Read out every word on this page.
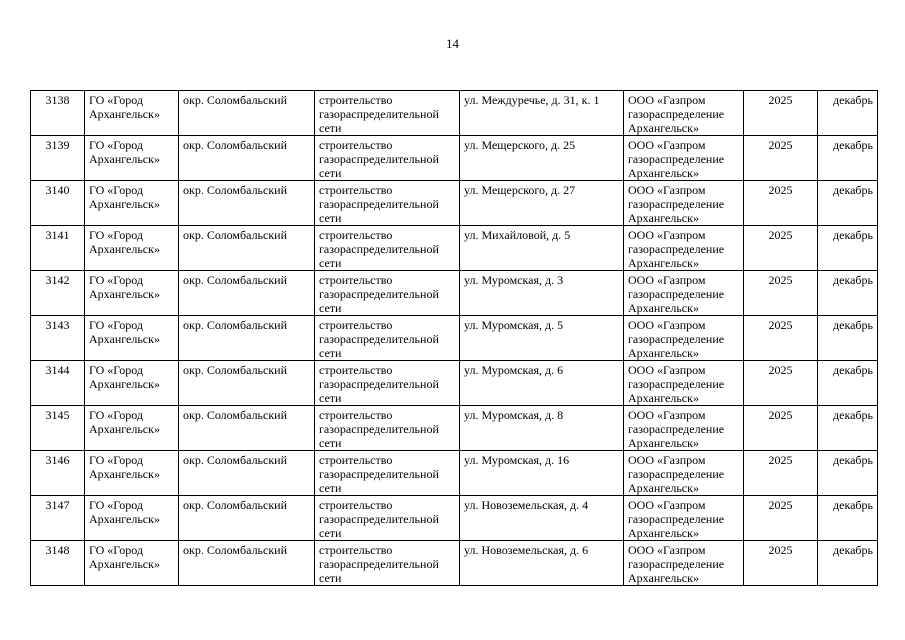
14
3138	ГО «Город Архангельск»	окр. Соломбальский	строительство газораспределительной сети	ул. Междуречье, д. 31, к. 1	ООО «Газпром газораспределение Архангельск»	2025	декабрь
3139	ГО «Город Архангельск»	окр. Соломбальский	строительство газораспределительной сети	ул. Мещерского, д. 25	ООО «Газпром газораспределение Архангельск»	2025	декабрь
3140	ГО «Город Архангельск»	окр. Соломбальский	строительство газораспределительной сети	ул. Мещерского, д. 27	ООО «Газпром газораспределение Архангельск»	2025	декабрь
3141	ГО «Город Архангельск»	окр. Соломбальский	строительство газораспределительной сети	ул. Михайловой, д. 5	ООО «Газпром газораспределение Архангельск»	2025	декабрь
3142	ГО «Город Архангельск»	окр. Соломбальский	строительство газораспределительной сети	ул. Муромская, д. 3	ООО «Газпром газораспределение Архангельск»	2025	декабрь
3143	ГО «Город Архангельск»	окр. Соломбальский	строительство газораспределительной сети	ул. Муромская, д. 5	ООО «Газпром газораспределение Архангельск»	2025	декабрь
3144	ГО «Город Архангельск»	окр. Соломбальский	строительство газораспределительной сети	ул. Муромская, д. 6	ООО «Газпром газораспределение Архангельск»	2025	декабрь
3145	ГО «Город Архангельск»	окр. Соломбальский	строительство газораспределительной сети	ул. Муромская, д. 8	ООО «Газпром газораспределение Архангельск»	2025	декабрь
3146	ГО «Город Архангельск»	окр. Соломбальский	строительство газораспределительной сети	ул. Муромская, д. 16	ООО «Газпром газораспределение Архангельск»	2025	декабрь
3147	ГО «Город Архангельск»	окр. Соломбальский	строительство газораспределительной сети	ул. Новоземельская, д. 4	ООО «Газпром газораспределение Архангельск»	2025	декабрь
3148	ГО «Город Архангельск»	окр. Соломбальский	строительство газораспределительной сети	ул. Новоземельская, д. 6	ООО «Газпром газораспределение Архангельск»	2025	декабрь
